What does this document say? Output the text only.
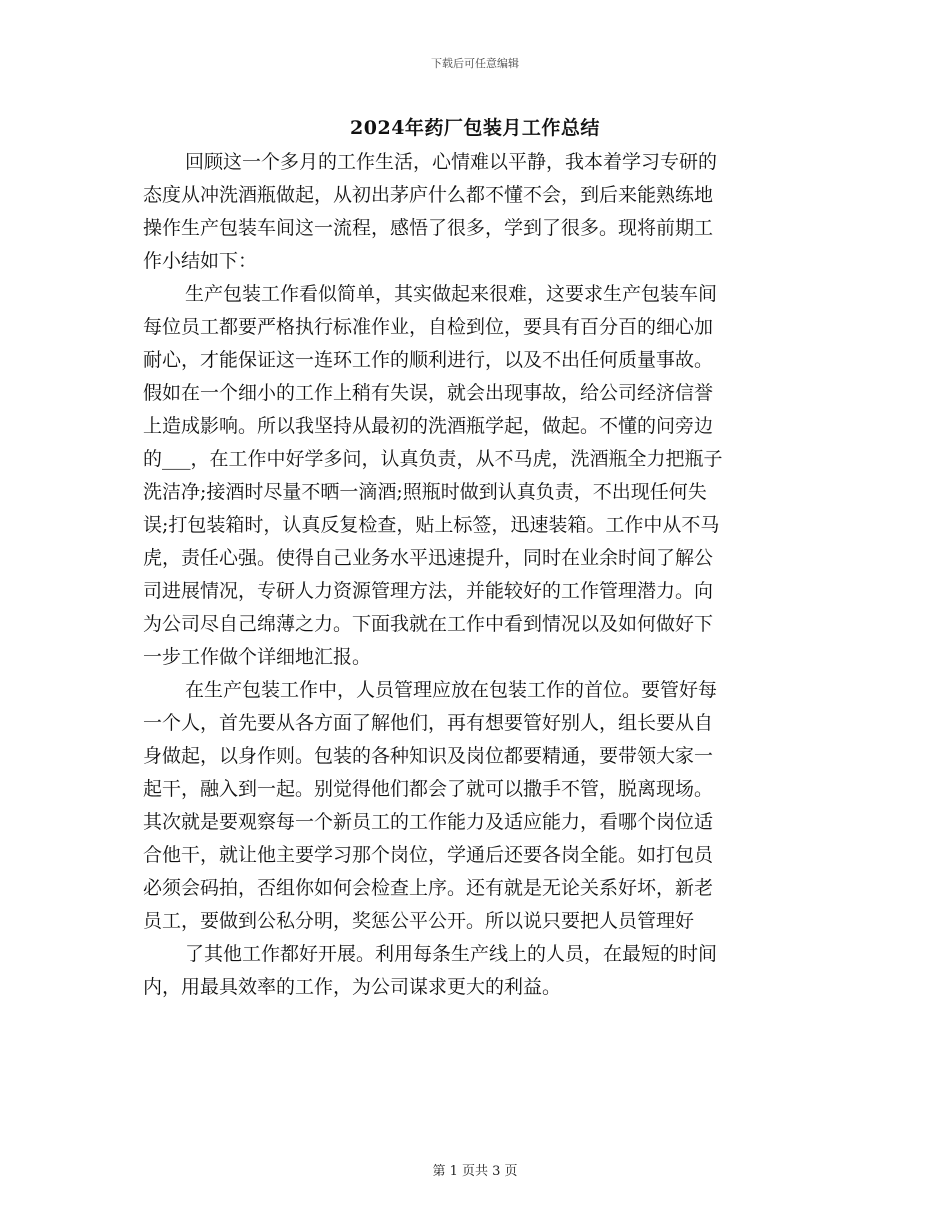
下载后可任意编辑
2024年药厂包装月工作总结
回顾这一个多月的工作生活，心情难以平静，我本着学习专研的
态度从冲洗酒瓶做起，从初出茅庐什么都不懂不会，到后来能熟练地
操作生产包装车间这一流程，感悟了很多，学到了很多。现将前期工
作小结如下：
生产包装工作看似简单，其实做起来很难，这要求生产包装车间
每位员工都要严格执行标准作业，自检到位，要具有百分百的细心加
耐心，才能保证这一连环工作的顺利进行，以及不出任何质量事故。
假如在一个细小的工作上稍有失误，就会出现事故，给公司经济信誉
上造成影响。所以我坚持从最初的洗酒瓶学起，做起。不懂的问旁边
的___，在工作中好学多问，认真负责，从不马虎，洗酒瓶全力把瓶子
洗洁净;接酒时尽量不晒一滴酒;照瓶时做到认真负责，不出现任何失
误;打包装箱时，认真反复检查，贴上标签，迅速装箱。工作中从不马
虎，责任心强。使得自己业务水平迅速提升，同时在业余时间了解公
司进展情况，专研人力资源管理方法，并能较好的工作管理潜力。向
为公司尽自己绵薄之力。下面我就在工作中看到情况以及如何做好下
一步工作做个详细地汇报。
在生产包装工作中，人员管理应放在包装工作的首位。要管好每
一个人，首先要从各方面了解他们，再有想要管好别人，组长要从自
身做起，以身作则。包装的各种知识及岗位都要精通，要带领大家一
起干，融入到一起。别觉得他们都会了就可以撒手不管，脱离现场。
其次就是要观察每一个新员工的工作能力及适应能力，看哪个岗位适
合他干，就让他主要学习那个岗位，学通后还要各岗全能。如打包员
必须会码拍，否组你如何会检查上序。还有就是无论关系好坏，新老
员工，要做到公私分明，奖惩公平公开。所以说只要把人员管理好
了其他工作都好开展。利用每条生产线上的人员，在最短的时间
内，用最具效率的工作，为公司谋求更大的利益。
第 1 页共 3 页
